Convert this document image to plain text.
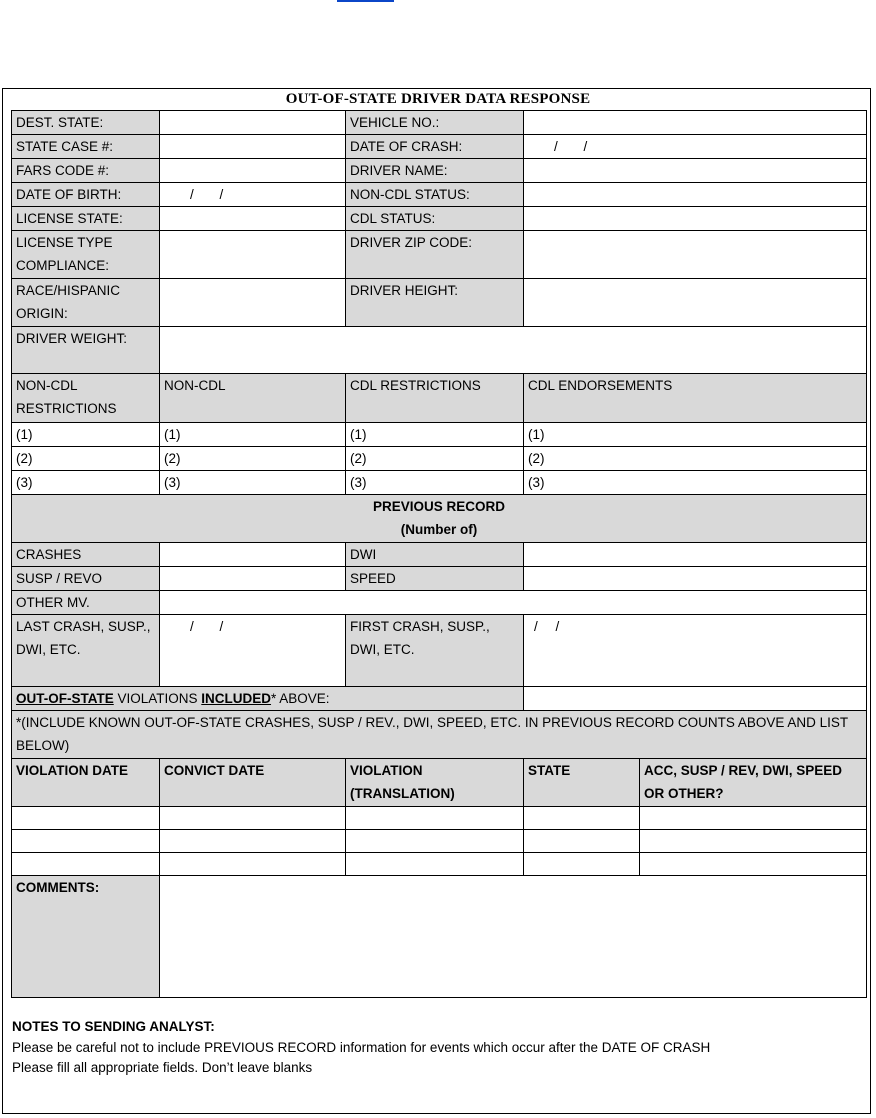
OUT-OF-STATE DRIVER DATA RESPONSE
DEST. STATE:		VEHICLE NO.:		
STATE CASE #:		DATE OF CRASH:	/ /	
FARS CODE #:		DRIVER NAME:		
DATE OF BIRTH:	/ /	NON-CDL STATUS:		
LICENSE STATE:		CDL STATUS:		
LICENSE TYPE COMPLIANCE:		DRIVER ZIP CODE:		
RACE/HISPANIC ORIGIN:		DRIVER HEIGHT:		
DRIVER WEIGHT:				
NON-CDL RESTRICTIONS	NON-CDL	CDL RESTRICTIONS	CDL ENDORSEMENTS	
(1)	(1)	(1)	(1)	
(2)	(2)	(2)	(2)	
(3)	(3)	(3)	(3)	

PREVIOUS RECORD
(Number of)				

CRASHES		DWI		
SUSP / REVO		SPEED		
OTHER MV.				
LAST CRASH, SUSP., DWI, ETC.	/ /	FIRST CRASH, SUSP., DWI, ETC.	/ /	
OUT-OF-STATE VIOLATIONS INCLUDED* ABOVE:				
*(INCLUDE KNOWN OUT-OF-STATE CRASHES, SUSP / REV., DWI, SPEED, ETC. IN PREVIOUS RECORD COUNTS ABOVE AND LIST BELOW)				
VIOLATION DATE	CONVICT DATE	VIOLATION (TRANSLATION)	STATE	ACC, SUSP / REV, DWI, SPEED OR OTHER?

COMMENTS:				
NOTES TO SENDING ANALYST:
Please be careful not to include PREVIOUS RECORD information for events which occur after the DATE OF CRASH
Please fill all appropriate fields. Don’t leave blanks
